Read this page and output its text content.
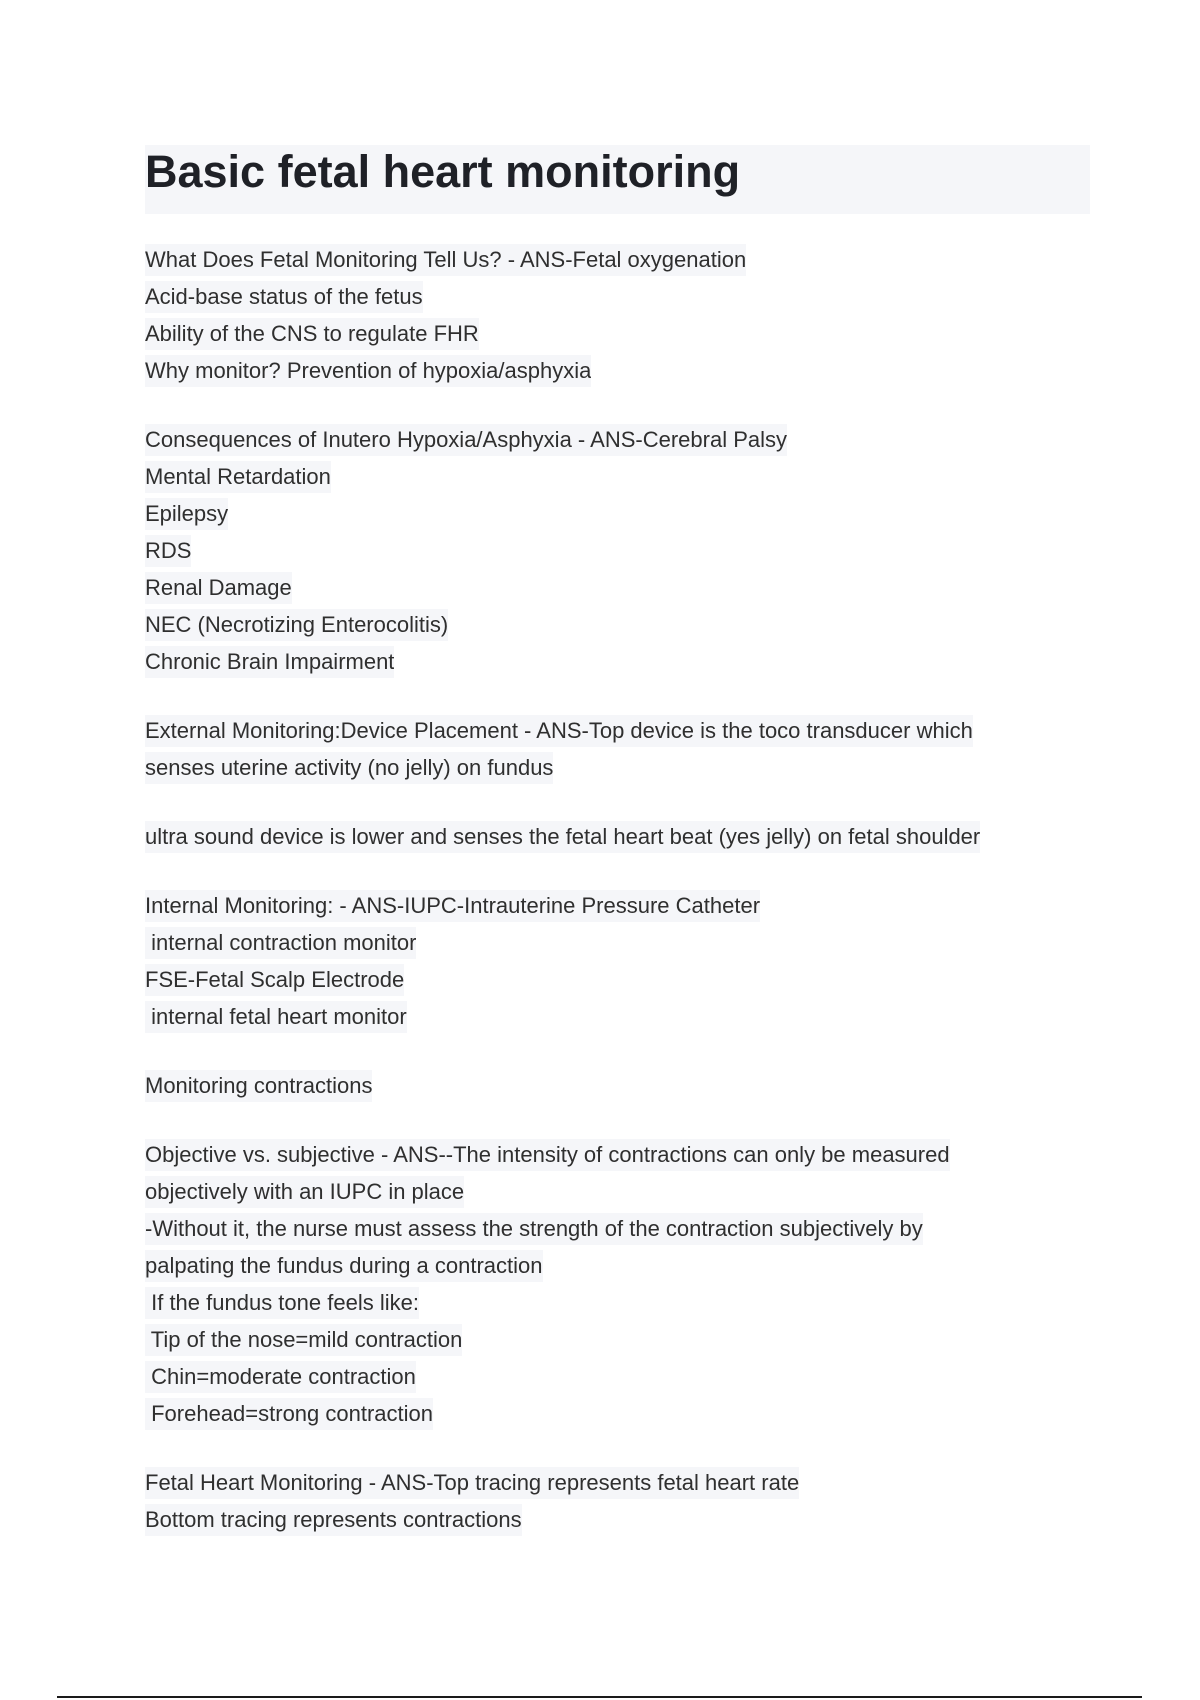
Basic fetal heart monitoring
What Does Fetal Monitoring Tell Us? - ANS-Fetal oxygenation
Acid-base status of the fetus
Ability of the CNS to regulate FHR
Why monitor? Prevention of hypoxia/asphyxia
Consequences of Inutero Hypoxia/Asphyxia - ANS-Cerebral Palsy
Mental Retardation
Epilepsy
RDS
Renal Damage
NEC (Necrotizing Enterocolitis)
Chronic Brain Impairment
External Monitoring:Device Placement - ANS-Top device is the toco transducer which
senses uterine activity (no jelly) on fundus
ultra sound device is lower and senses the fetal heart beat (yes jelly) on fetal shoulder
Internal Monitoring: - ANS-IUPC-Intrauterine Pressure Catheter
internal contraction monitor
FSE-Fetal Scalp Electrode
internal fetal heart monitor
Monitoring contractions
Objective vs. subjective - ANS--The intensity of contractions can only be measured
objectively with an IUPC in place
-Without it, the nurse must assess the strength of the contraction subjectively by
palpating the fundus during a contraction
If the fundus tone feels like:
Tip of the nose=mild contraction
Chin=moderate contraction
Forehead=strong contraction
Fetal Heart Monitoring - ANS-Top tracing represents fetal heart rate
Bottom tracing represents contractions
